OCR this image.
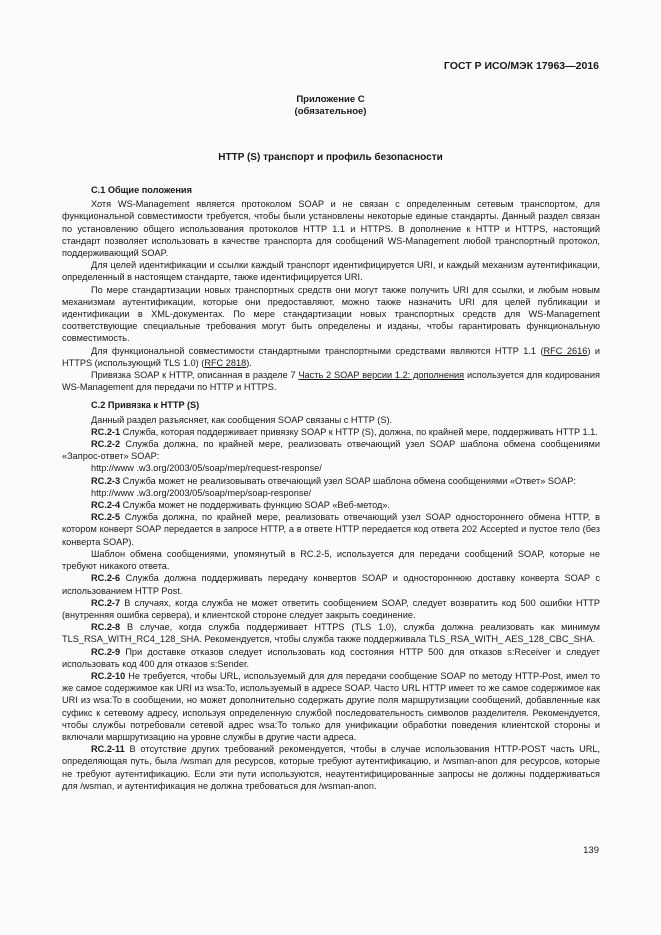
ГОСТ Р ИСО/МЭК 17963—2016
Приложение С
(обязательное)
HTTP (S) транспорт и профиль безопасности

С.1 Общие положения

Хотя WS-Management является протоколом SOAP и не связан с определенным сетевым транспортом, для функциональной совместимости требуется, чтобы были установлены некоторые единые стандарты. Данный раздел связан по установлению общего использования протоколов HTTP 1.1 и HTTPS. В дополнение к HTTP и HTTPS, настоящий стандарт позволяет использовать в качестве транспорта для сообщений WS-Management любой транспортный протокол, поддерживающий SOAP.

Для целей идентификации и ссылки каждый транспорт идентифицируется URI, и каждый механизм аутентификации, определенный в настоящем стандарте, также идентифицируется URI.

По мере стандартизации новых транспортных средств они могут также получить URI для ссылки, и любым новым механизмам аутентификации, которые они предоставляют, можно также назначить URI для целей публикации и идентификации в XML-документах. По мере стандартизации новых транспортных средств для WS-Management соответствующие специальные требования могут быть определены и изданы, чтобы гарантировать функциональную совместимость.

Для функциональной совместимости стандартными транспортными средствами являются HTTP 1.1 (RFC 2616) и HTTPS (использующий TLS 1.0) (RFC 2818).

Привязка SOAP к HTTP, описанная в разделе 7 Часть 2 SOAP версии 1.2: дополнения используется для кодирования WS-Management для передачи по HTTP и HTTPS.

С.2 Привязка к HTTP (S)

Данный раздел разъясняет, как сообщения SOAP связаны с HTTP (S).

RC.2-1 Служба, которая поддерживает привязку SOAP к HTTP (S), должна, по крайней мере, поддерживать HTTP 1.1.

RC.2-2 Служба должна, по крайней мере, реализовать отвечающий узел SOAP шаблона обмена сообщениями «Запрос-ответ» SOAP:

http://www .w3.org/2003/05/soap/mep/request-response/

RC.2-3 Служба может не реализовывать отвечающий узел SOAP шаблона обмена сообщениями «Ответ» SOAP:

http://www .w3.org/2003/05/soap/mep/soap-response/

RC.2-4 Служба может не поддерживать функцию SOAP «Веб-метод».

RC.2-5 Служба должна, по крайней мере, реализовать отвечающий узел SOAP одностороннего обмена HTTP, в котором конверт SOAP передается в запросе HTTP, а в ответе HTTP передается код ответа 202 Accepted и пустое тело (без конверта SOAP).

Шаблон обмена сообщениями, упомянутый в RC.2-5, используется для передачи сообщений SOAP, которые не требуют никакого ответа.

RC.2-6 Служба должна поддерживать передачу конвертов SOAP и одностороннюю доставку конверта SOAP с использованием HTTP Post.

RC.2-7 В случаях, когда служба не может ответить сообщением SOAP, следует возвратить код 500 ошибки HTTP (внутренняя ошибка сервера), и клиентской стороне следует закрыть соединение.

RC.2-8 В случае, когда служба поддерживает HTTPS (TLS 1.0), служба должна реализовать как минимум TLS_RSA_WITH_RC4_128_SHA. Рекомендуется, чтобы служба также поддерживала TLS_RSA_WITH_ AES_128_CBC_SHA.

RC.2-9 При доставке отказов следует использовать код состояния HTTP 500 для отказов s:Receiver и следует использовать код 400 для отказов s:Sender.

RC.2-10 Не требуется, чтобы URL, используемый для для передачи сообщение SOAP по методу HTTP-Post, имел то же самое содержимое как URI из wsa:To, используемый в адресе SOAP. Часто URL HTTP имеет то же самое содержимое как URI из wsa:To в сообщении, но может дополнительно содержать другие поля маршрутизации сообщений, добавленные как суфикс к сетевому адресу, используя определенную службой последовательность символов разделителя. Рекомендуется, чтобы службы потребовали сетевой адрес wsa:To только для унификации обработки поведения клиентской стороны и включали маршрутизацию на уровне службы в другие части адреса.

RC.2-11 В отсутствие других требований рекомендуется, чтобы в случае использования HTTP-POST часть URL, определяющая путь, была /wsman для ресурсов, которые требуют аутентификацию, и /wsman-anon для ресурсов, которые не требуют аутентификацию. Если эти пути используются, неаутентифицированные запросы не должны поддерживаться для /wsman, и аутентификация не должна требоваться для /wsman-anon.

139
